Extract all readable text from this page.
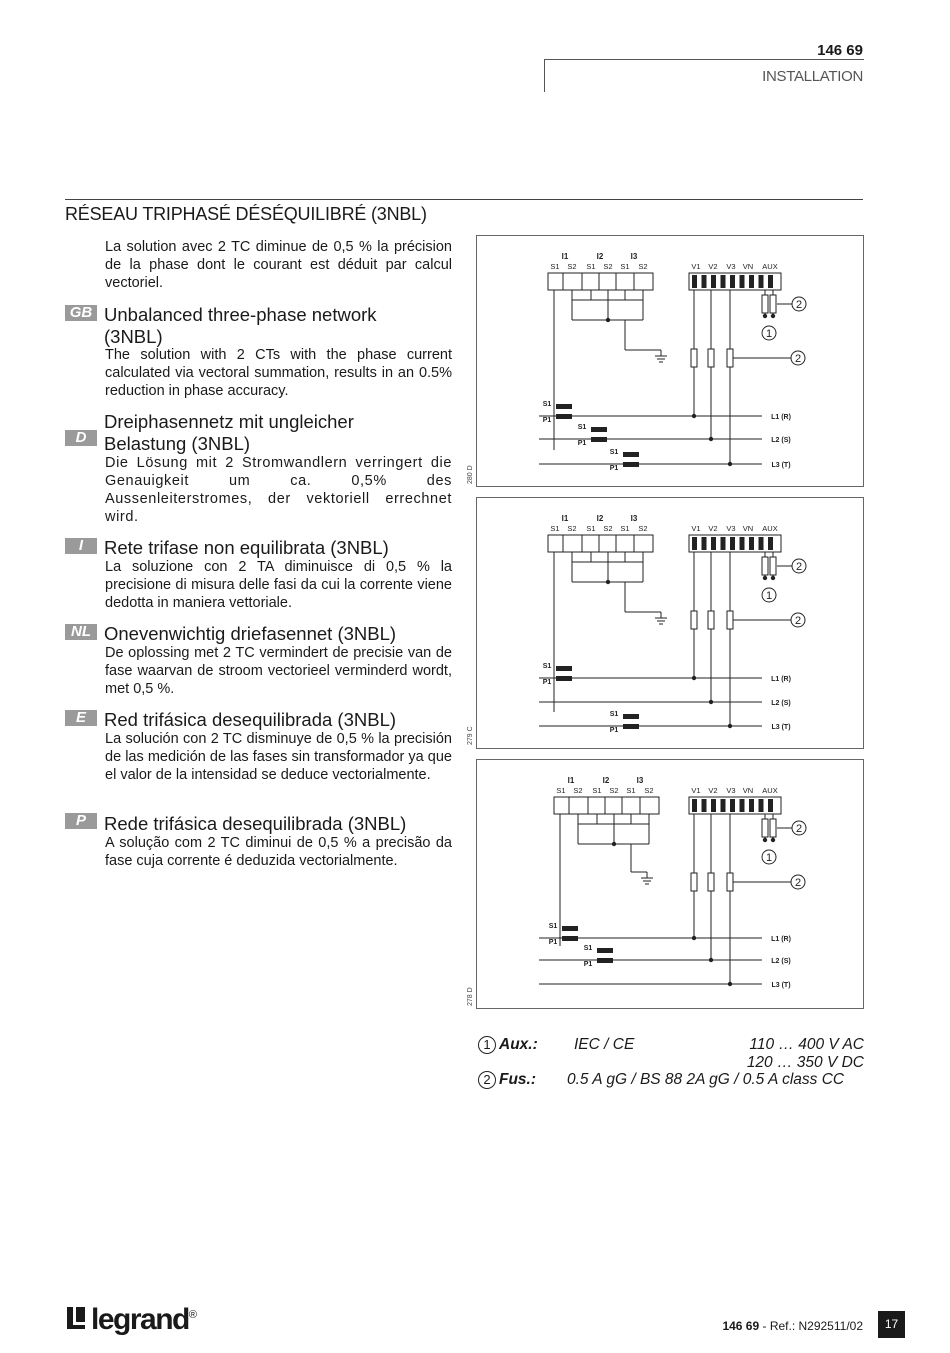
146 69
INSTALLATION
RÉSEAU TRIPHASÉ DÉSÉQUILIBRÉ (3NBL)
La solution avec 2 TC diminue de 0,5 % la précision de la phase dont le courant est déduit par calcul vectoriel.
GB Unbalanced three-phase network (3NBL)
The solution with 2 CTs with the phase current calculated via vectoral summation, results in an 0.5% reduction in phase accuracy.
D
Dreiphasennetz mit ungleicher Belastung (3NBL)
Die Lösung mit 2 Stromwandlern verringert die Genauigkeit um ca. 0,5% des Aussenleiterstromes, der vektoriell errechnet wird.
I	Rete trifase non equilibrata (3NBL)
La soluzione con 2 TA diminuisce di 0,5 % la precisione di misura delle fasi da cui la corrente viene dedotta in maniera vettoriale.
NL Onevenwichtig driefasennet (3NBL)
De oplossing met 2 TC vermindert de precisie van de fase waarvan de stroom vectorieel verminderd wordt, met 0,5 %.
E Red trifásica desequilibrada (3NBL)
La solución con 2 TC disminuye de 0,5 % la precisión de las medición de las fases sin transformador ya que el valor de la intensidad se deduce vectorialmente.
P Rede trifásica desequilibrada (3NBL)
A solução com 2 TC diminui de 0,5 % a precisão da fase cuja corrente é deduzida vectorialmente.
I1	I2	I3
S1 S2 S1 S2 S1 S2	V1 V2 V3 VN AUX
L1 (R)
L2 (S)
L3 (T)
2
1
2
S1
P1
S1
P1
S1
P1
280 D
I1	I2	I3
S1 S2 S1 S2 S1 S2	V1 V2 V3 VN AUX
L1 (R)
L2 (S)
L3 (T)
2
1
2
S1
P1
S1
P1
279 C
I1	I2	I3
S1 S2 S1 S2 S1 S2	V1 V2 V3 VN AUX
L1 (R)
L2 (S)
L3 (T)
2
1
2
S1
P1
S1
P1
278 D
1 Aux.: IEC / CE	110 … 400 V AC
120 … 350 V DC
2 Fus.: 0.5 A gG / BS 88 2A gG / 0.5 A class CC
legrand®
146 69 - Ref.: N292511/02	17
